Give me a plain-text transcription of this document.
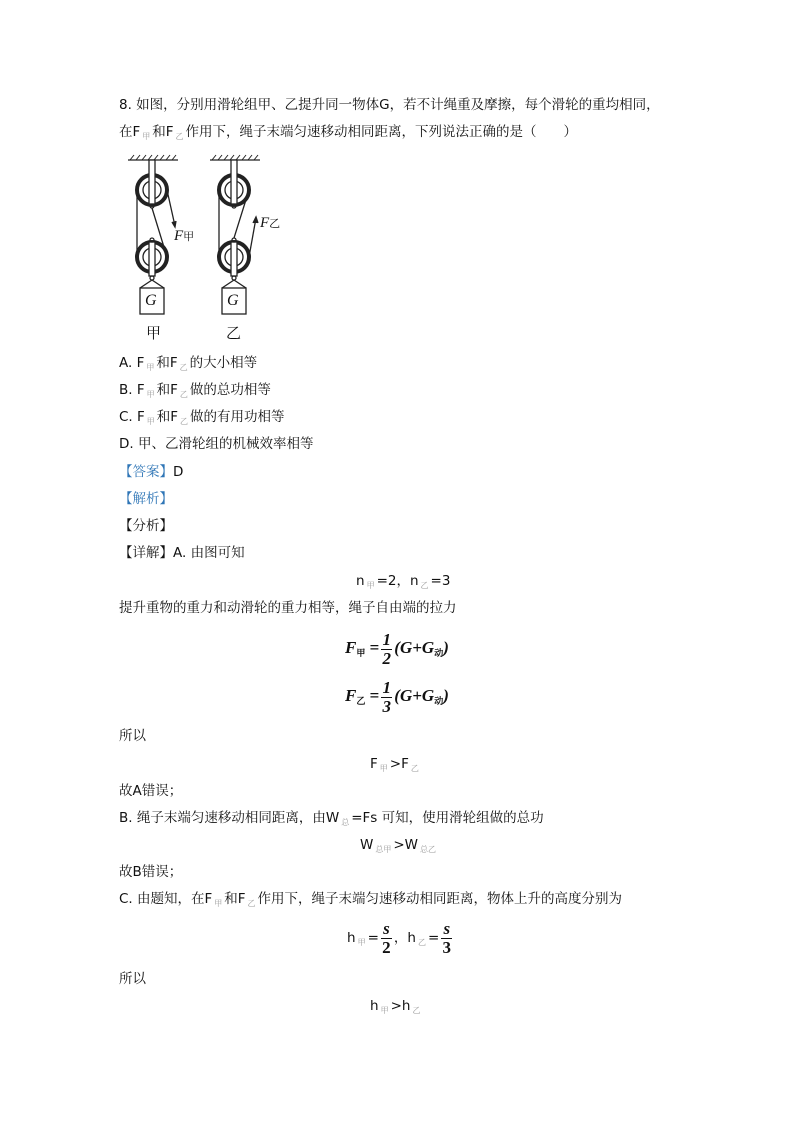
8. 如图，分别用滑轮组甲、乙提升同一物体G，若不计绳重及摩擦，每个滑轮的重均相同，
在F $_甲$ 和F $_乙$ 作用下，绳子末端匀速移动相同距离，下列说法正确的是（　　）
G	G
F甲
F乙
甲	乙
A. F $_甲$ 和F $_乙$ 的大小相等
B. F $_甲$ 和F $_乙$ 做的总功相等
C. F $_甲$ 和F $_乙$ 做的有用功相等
D. 甲、乙滑轮组的机械效率相等
【答案】D
【解析】
【分析】
【详解】A. 由图可知
n $_甲$ =2，n $_乙$ =3
提升重物的重力和动滑轮的重力相等，绳子自由端的拉力
F甲 = $\frac{1}{2} (G+G$动)
F乙 = $\frac{1}{3} (G+G$动)
所以
F $_甲$ >F $_乙$
故A错误；
B. 绳子末端匀速移动相同距离，由W $_总$ =Fs 可知，使用滑轮组做的总功
W $_{总甲}$ >W $_{总乙}$
故B错误；
C. 由题知，在F $_甲$ 和F $_乙$ 作用下，绳子末端匀速移动相同距离，物体上升的高度分别为
h $_甲 = \frac{s}{2}$ ，h $_乙 = \frac{s}{3}$
所以
h $_甲$ >h $_乙$
